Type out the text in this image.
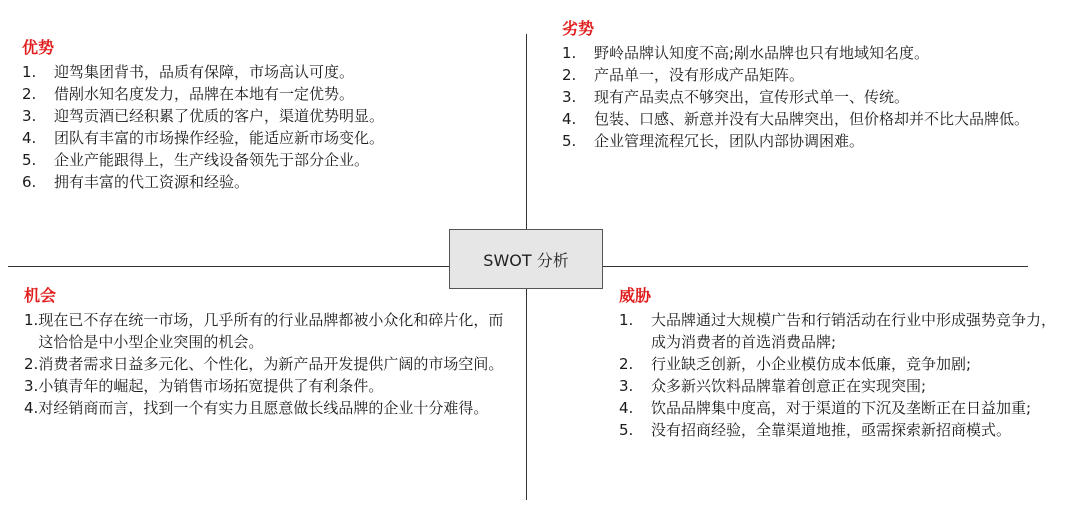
SWOT 分析
优势
1.	迎驾集团背书，品质有保障，市场高认可度。
2.	借剐水知名度发力，品牌在本地有一定优势。
3.	迎驾贡酒已经积累了优质的客户，渠道优势明显。
4.	团队有丰富的市场操作经验，能适应新市场变化。
5.	企业产能跟得上，生产线设备领先于部分企业。
6.	拥有丰富的代工资源和经验。
劣势
1.	野岭品牌认知度不高;剐水品牌也只有地域知名度。
2.	产品单一，没有形成产品矩阵。
3.	现有产品卖点不够突出，宣传形式单一、传统。
4.	包装、口感、新意并没有大品牌突出，但价格却并不比大品牌低。
5.	企业管理流程冗长，团队内部协调困难。
机会
1. 现在已不存在统一市场，几乎所有的行业品牌都被小众化和碎片化，而这恰恰是中小型企业突围的机会。
2. 消费者需求日益多元化、个性化，为新产品开发提供广阔的市场空间。
3. 小镇青年的崛起，为销售市场拓宽提供了有利条件。
4. 对经销商而言，找到一个有实力且愿意做长线品牌的企业十分难得。
威胁
1.	大品牌通过大规模广告和行销活动在行业中形成强势竞争力，成为消费者的首选消费品牌;
2.	行业缺乏创新，小企业模仿成本低廉，竞争加剧;
3.	众多新兴饮料品牌靠着创意正在实现突围;
4.	饮品品牌集中度高，对于渠道的下沉及垄断正在日益加重;
5.	没有招商经验，全靠渠道地推，亟需探索新招商模式。
